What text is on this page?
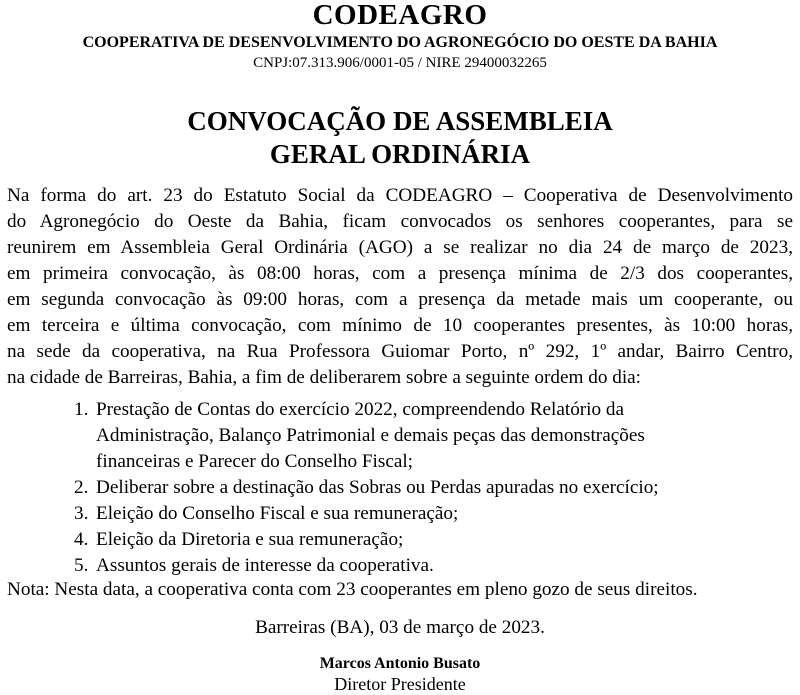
CODEAGRO
COOPERATIVA DE DESENVOLVIMENTO DO AGRONEGÓCIO DO OESTE DA BAHIA
CNPJ:07.313.906/0001-05 / NIRE 29400032265
CONVOCAÇÃO DE ASSEMBLEIA
GERAL ORDINÁRIA
Na forma do art. 23 do Estatuto Social da CODEAGRO – Cooperativa de Desenvolvimento
do Agronegócio do Oeste da Bahia, ficam convocados os senhores cooperantes, para se
reunirem em Assembleia Geral Ordinária (AGO) a se realizar no dia 24 de março de 2023,
em primeira convocação, às 08:00 horas, com a presença mínima de 2/3 dos cooperantes,
em segunda convocação às 09:00 horas, com a presença da metade mais um cooperante, ou
em terceira e última convocação, com mínimo de 10 cooperantes presentes, às 10:00 horas,
na sede da cooperativa, na Rua Professora Guiomar Porto, nº 292, 1º andar, Bairro Centro,
na cidade de Barreiras, Bahia, a fim de deliberarem sobre a seguinte ordem do dia:
1. Prestação de Contas do exercício 2022, compreendendo Relatório da
Administração, Balanço Patrimonial e demais peças das demonstrações
financeiras e Parecer do Conselho Fiscal;
2. Deliberar sobre a destinação das Sobras ou Perdas apuradas no exercício;
3. Eleição do Conselho Fiscal e sua remuneração;
4. Eleição da Diretoria e sua remuneração;
5. Assuntos gerais de interesse da cooperativa.
Nota: Nesta data, a cooperativa conta com 23 cooperantes em pleno gozo de seus direitos.
Barreiras (BA), 03 de março de 2023.
Marcos Antonio Busato
Diretor Presidente
